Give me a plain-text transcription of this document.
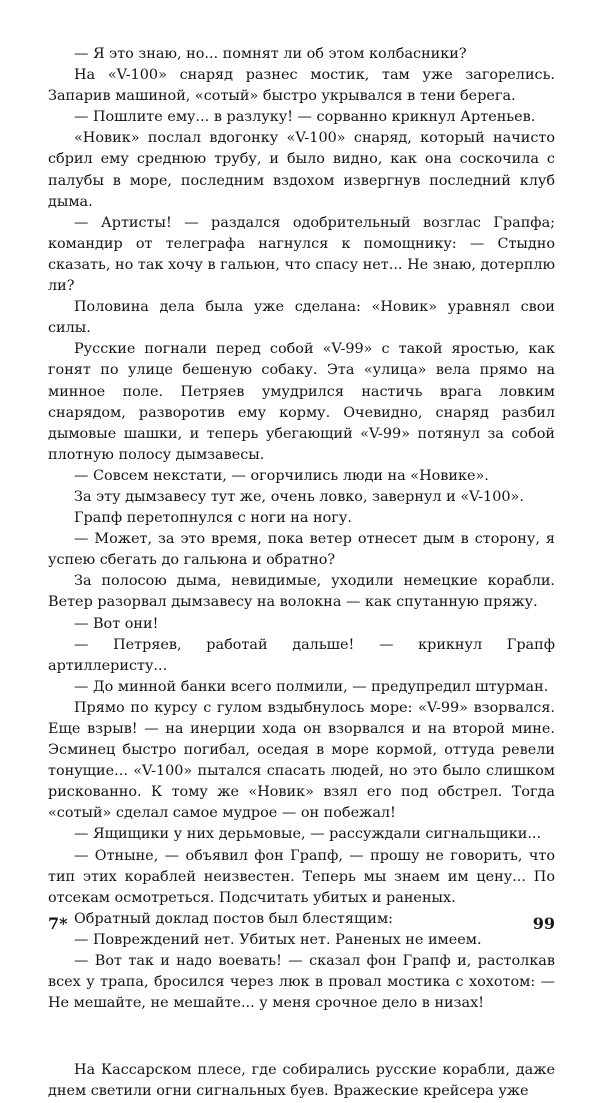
— Я это знаю, но... помнят ли об этом колбасники?

На «V-100» снаряд разнес мостик, там уже загорелись. Запарив машиной, «сотый» быстро укрывался в тени берега.

— Пошлите ему... в разлуку! — сорванно крикнул Артеньев.

«Новик» послал вдогонку «V-100» снаряд, который начисто сбрил ему среднюю трубу, и было видно, как она соскочила с палубы в море, последним вздохом извергнув последний клуб дыма.

— Артисты! — раздался одобрительный возглас Грапфа; командир от телеграфа нагнулся к помощнику: — Стыдно сказать, но так хочу в гальюн, что спасу нет... Не знаю, дотерплю ли?

Половина дела была уже сделана: «Новик» уравнял свои силы.

Русские погнали перед собой «V-99» с такой яростью, как гонят по улице бешеную собаку. Эта «улица» вела прямо на минное поле. Петряев умудрился настичь врага ловким снарядом, разворотив ему корму. Очевидно, снаряд разбил дымовые шашки, и теперь убегающий «V-99» потянул за собой плотную полосу дымзавесы.

— Совсем некстати, — огорчились люди на «Новике».

За эту дымзавесу тут же, очень ловко, завернул и «V-100».

Грапф перетопнулся с ноги на ногу.

— Может, за это время, пока ветер отнесет дым в сторону, я успею сбегать до гальюна и обратно?

За полосою дыма, невидимые, уходили немецкие корабли. Ветер разорвал дымзавесу на волокна — как спутанную пряжу.

— Вот они!

— Петряев, работай дальше! — крикнул Грапф артиллеристу...

— До минной банки всего полмили, — предупредил штурман.

Прямо по курсу с гулом вздыбнулось море: «V-99» взорвался. Еще взрыв! — на инерции хода он взорвался и на второй мине. Эсминец быстро погибал, оседая в море кормой, оттуда ревели тонущие... «V-100» пытался спасать людей, но это было слишком рискованно. К тому же «Новик» взял его под обстрел. Тогда «сотый» сделал самое мудрое — он побежал!

— Ящищики у них дерьмовые, — рассуждали сигнальщики...

— Отныне, — объявил фон Грапф, — прошу не говорить, что тип этих кораблей неизвестен. Теперь мы знаем им цену... По отсекам осмотреться. Подсчитать убитых и раненых.

Обратный доклад постов был блестящим:

— Повреждений нет. Убитых нет. Раненых не имеем.

— Вот так и надо воевать! — сказал фон Грапф и, растолкав всех у трапа, бросился через люк в провал мостика с хохотом: — Не мешайте, не мешайте... у меня срочное дело в низах!

На Кассарском плесе, где собирались русские корабли, даже днем светили огни сигнальных буев. Вражеские крейсера уже

7*	99
